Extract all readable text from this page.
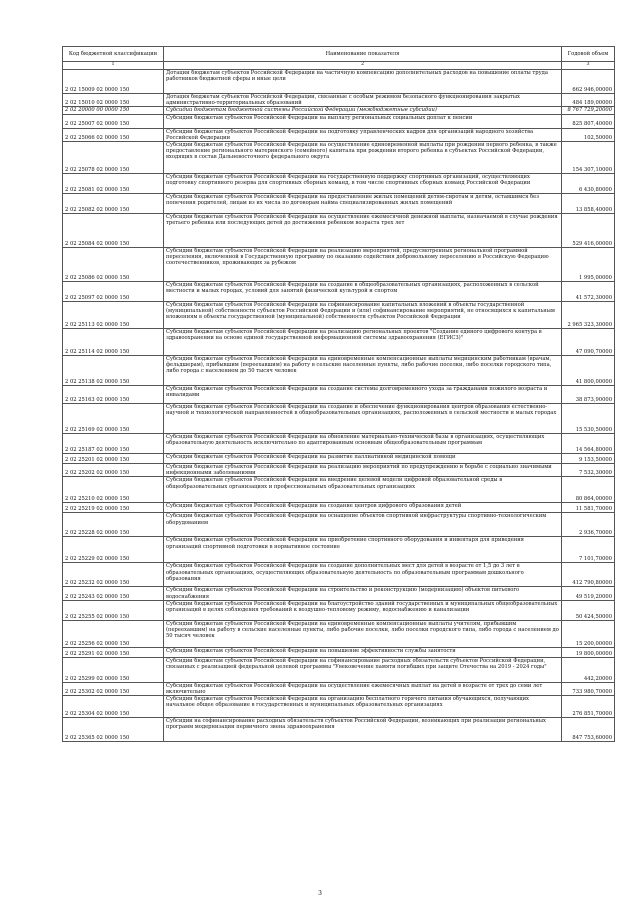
Код бюджетной классификации	Наименование показателя	Годовой объем
1	2	3
2 02 15009 02 0000 150	Дотации бюджетам субъектов Российской Федерации на частичную компенсацию дополнительных расходов на повышение оплаты труда работников бюджетной сферы и иные цели	662 946,00000
2 02 15010 02 0000 150	Дотация бюджетам субъектов Российской Федерации, связанные с особым режимом безопасного функционирования закрытых административно-территориальных образований	484 189,00000
2 02 20000 00 0000 150	Субсидии бюджетам бюджетной системы Российской Федерации (межбюджетные субсидии)	8 767 729,20000
2 02 25007 02 0000 150	Субсидии бюджетам субъектов Российской Федерации на выплату региональных социальных доплат к пенсии	825 807,40000
2 02 25066 02 0000 150	Субсидии бюджетам субъектов Российской Федерации на подготовку управленческих кадров для организаций народного хозяйства Российской Федерации	102,50000
2 02 25078 02 0000 150	Субсидии бюджетам субъектов Российской Федерации на осуществление единовременной выплаты при рождении первого ребенка, в также предоставление регионального материнского (семейного) капитала при рождении второго ребенка в субъектах Российской Федерации, входящих в состав Дальневосточного федерального округа	154 307,10000
2 02 25081 02 0000 150	Субсидии бюджетам субъектов Российской Федерации на государственную поддержку спортивных организаций, осуществляющих подготовку спортивного резерва для спортивных сборных команд, в том числе спортивных сборных команд Российской Федерации	6 430,80000
2 02 25082 02 0000 150	Субсидии бюджетам субъектов Российской Федерации на предоставление жилых помещений детям-сиротам и детям, оставшимся без попечения родителей, лицам из их числа по договорам найма специализированных жилых помещений	13 858,40000
2 02 25084 02 0000 150	Субсидии бюджетам субъектов Российской Федерации на осуществление ежемесячной денежной выплаты, назначаемой в случае рождения третьего ребенка или последующих детей до достижения ребенком возраста трех лет	529 416,00000
2 02 25086 02 0000 150	Субсидии бюджетам субъектов Российской Федерации на реализацию мероприятий, предусмотренных региональной программой переселения, включенной в Государственную программу по оказанию содействия добровольному переселению в Российскую Федерацию соотечественников, проживающих за рубежом	1 995,00000
2 02 25097 02 0000 150	Субсидии бюджетам субъектов Российской Федерации на создание в общеобразовательных организациях, расположенных в сельской местности и малых городах, условий для занятий физической культурой и спортом	41 572,30000
2 02 25113 02 0000 150	Субсидии бюджетам субъектов Российской Федерации на софинансирование капитальных вложений в объекты государственной (муниципальной) собственности субъектов Российской Федерации и (или) софинансирование мероприятий, не относящихся к капитальным вложениям в объекты государственной (муниципальной) собственности субъектов Российской Федерации	2 965 323,30000
2 02 25114 02 0000 150	Субсидии бюджетам субъектов Российской Федерации на реализацию региональных проектов "Создание единого цифрового контура в здравоохранении на основе единой государственной информационной системы здравоохранения (ЕГИСЗ)"	47 090,70000
2 02 25138 02 0000 150	Субсидии бюджетам субъектов Российской Федерации на единовременные компенсационные выплаты медицинским работникам (врачам, фельдшерам), прибывшим (переехавшим) на работу в сельские населенные пункты, либо рабочие поселки, либо поселки городского типа, либо города с населением до 50 тысяч человек	41 800,00000
2 02 25163 02 0000 150	Субсидии бюджетам субъектов Российской Федерации на создание системы долговременного ухода за гражданами пожилого возраста и инвалидами	38 873,90000
2 02 25169 02 0000 150	Субсидии бюджетам субъектов Российской Федерации на создание и обеспечение функционирования центров образования естественно-научной и технологической направленностей в общеобразовательных организациях, расположенных в сельской местности и малых городах	15 530,50000
2 02 25187 02 0000 150	Субсидии бюджетам субъектов Российской Федерации на обновление материально-технической базы в организациях, осуществляющих образовательную деятельность исключительно по адаптированным основным общеобразовательным программам	14 564,80000
2 02 25201 02 0000 150	Субсидии бюджетам субъектов Российской Федерации на развитие паллиативной медицинской помощи	9 153,50000
2 02 25202 02 0000 150	Субсидии бюджетам субъектов Российской Федерации на реализацию мероприятий по предупреждению и борьбе с социально значимыми инфекционными заболеваниями	7 532,30000
2 02 25210 02 0000 150	Субсидии бюджетам субъектов Российской Федерации на внедрение целевой модели цифровой образовательной среды в общеобразовательных организациях и профессиональных образовательных организациях	80 864,00000
2 02 25219 02 0000 150	Субсидии бюджетам субъектов Российской Федерации на создание центров цифрового образования детей	11 581,70000
2 02 25228 02 0000 150	Субсидии бюджетам субъектов Российской Федерации на оснащение объектов спортивной инфраструктуры спортивно-технологическим оборудованием	2 936,70000
2 02 25229 02 0000 150	Субсидии бюджетам субъектов Российской Федерации на приобретение спортивного оборудования и инвентаря для приведения организаций спортивной подготовки в нормативное состояние	7 101,70000
2 02 25232 02 0000 150	Субсидии бюджетам субъектов Российской Федерации на создание дополнительных мест для детей в возрасте от 1,5 до 3 лет в образовательных организациях, осуществляющих образовательную деятельность по образовательным программам дошкольного образования	412 790,80000
2 02 25243 02 0000 150	Субсидии бюджетам субъектов Российской Федерации на строительство и реконструкцию (модернизацию) объектов питьевого водоснабжения	49 519,20000
2 02 25255 02 0000 150	Субсидии бюджетам субъектов Российской Федерации на благоустройство зданий государственных и муниципальных общеобразовательных организаций в целях соблюдения требований к воздушно-тепловому режиму, водоснабжению и канализации	50 424,50000
2 02 25256 02 0000 150	Субсидии бюджетам субъектов Российской Федерации на единовременные компенсационные выплаты учителям, прибывшим (переехавшим) на работу в сельские населенные пункты, либо рабочие поселки, либо поселки городского типа, либо города с населением до 50 тысяч человек	15 200,00000
2 02 25291 02 0000 150	Субсидии бюджетам субъектов Российской Федерации на повышение эффективности службы занятости	19 800,00000
2 02 25299 02 0000 150	Субсидии бюджетам субъектов Российской Федерации на софинансирование расходных обязательств субъектов Российской Федерации, связанных с реализацией федеральной целевой программы "Увековечение памяти погибших при защите Отечества на 2019 - 2024 годы"	442,20000
2 02 25302 02 0000 150	Субсидии бюджетам субъектов Российской Федерации на осуществление ежемесячных выплат на детей в возрасте от трех до семи лет включительно	733 980,70000
2 02 25304 02 0000 150	Субсидии бюджетам субъектов Российской Федерации на организацию бесплатного горячего питания обучающихся, получающих начальное общее образование в государственных и муниципальных образовательных организациях	276 851,70000
2 02 25365 02 0000 150	Субсидии на софинансирование расходных обязательств субъектов Российской Федерации, возникающих при реализации региональных программ модернизации первичного звена здравоохранения	847 753,60000
3
